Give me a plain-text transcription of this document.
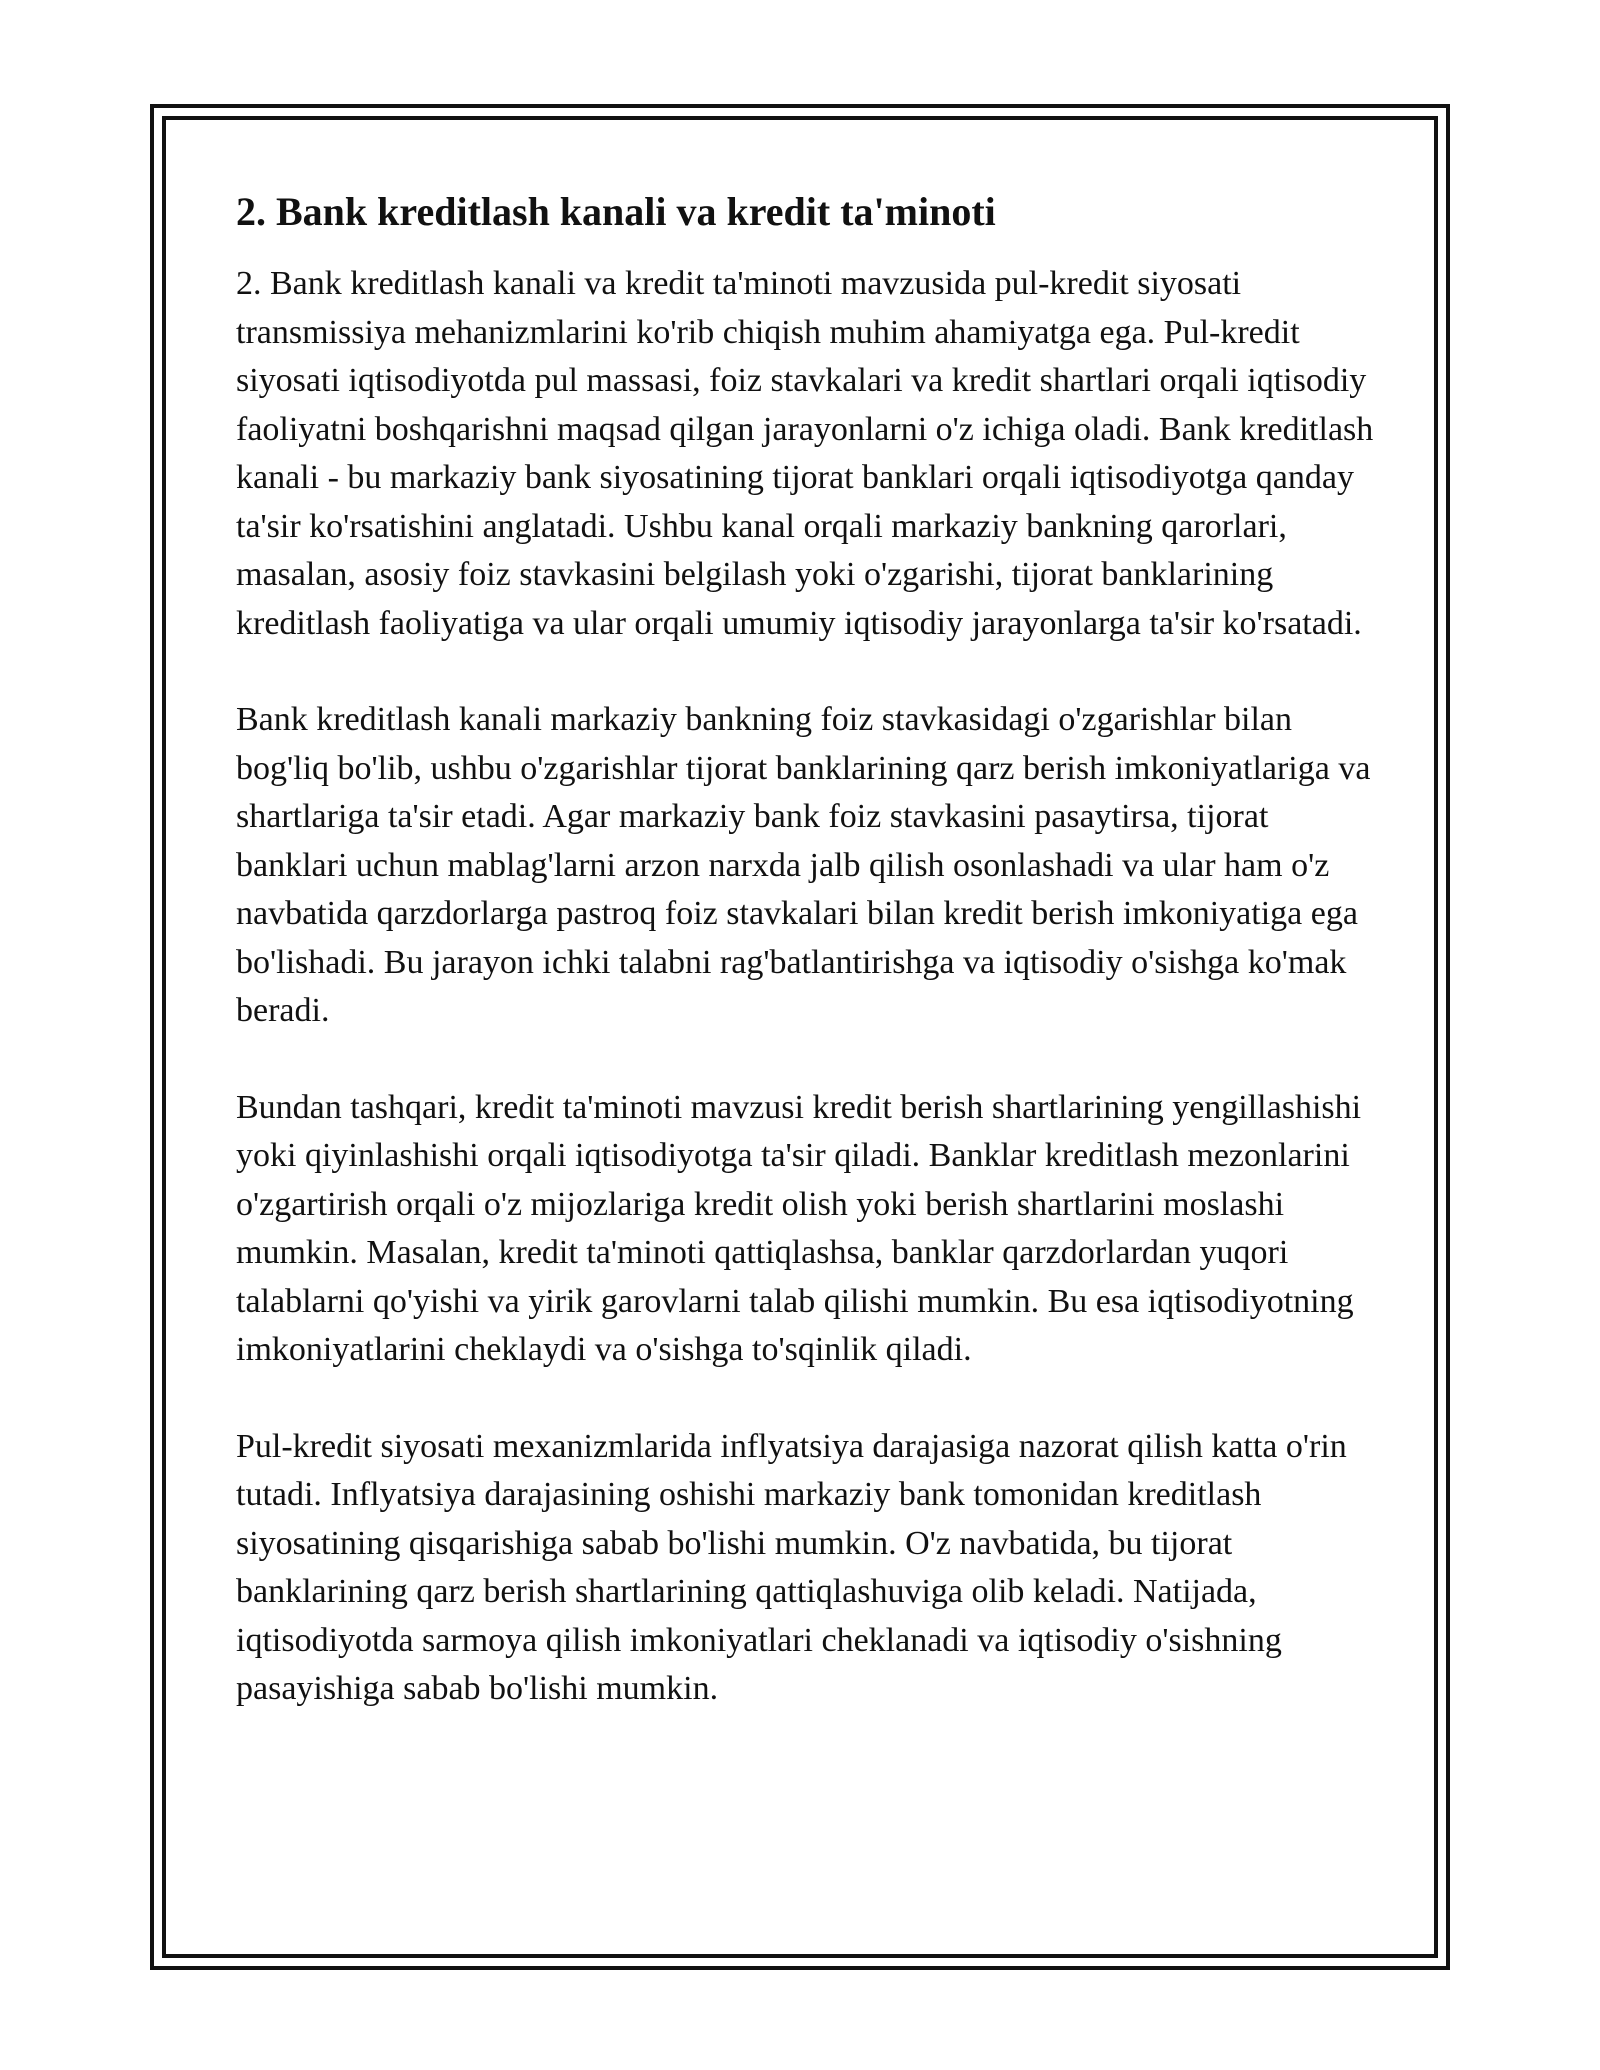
2. Bank kreditlash kanali va kredit ta'minoti

2. Bank kreditlash kanali va kredit ta'minoti mavzusida pul-kredit siyosati transmissiya mehanizmlarini ko'rib chiqish muhim ahamiyatga ega. Pul-kredit siyosati iqtisodiyotda pul massasi, foiz stavkalari va kredit shartlari orqali iqtisodiy faoliyatni boshqarishni maqsad qilgan jarayonlarni o'z ichiga oladi. Bank kreditlash kanali - bu markaziy bank siyosatining tijorat banklari orqali iqtisodiyotga qanday ta'sir ko'rsatishini anglatadi. Ushbu kanal orqali markaziy bankning qarorlari, masalan, asosiy foiz stavkasini belgilash yoki o'zgarishi, tijorat banklarining kreditlash faoliyatiga va ular orqali umumiy iqtisodiy jarayonlarga ta'sir ko'rsatadi.

Bank kreditlash kanali markaziy bankning foiz stavkasidagi o'zgarishlar bilan bog'liq bo'lib, ushbu o'zgarishlar tijorat banklarining qarz berish imkoniyatlariga va shartlariga ta'sir etadi. Agar markaziy bank foiz stavkasini pasaytirsa, tijorat banklari uchun mablag'larni arzon narxda jalb qilish osonlashadi va ular ham o'z navbatida qarzdorlarga pastroq foiz stavkalari bilan kredit berish imkoniyatiga ega bo'lishadi. Bu jarayon ichki talabni rag'batlantirishga va iqtisodiy o'sishga ko'mak beradi.

Bundan tashqari, kredit ta'minoti mavzusi kredit berish shartlarining yengillashishi yoki qiyinlashishi orqali iqtisodiyotga ta'sir qiladi. Banklar kreditlash mezonlarini o'zgartirish orqali o'z mijozlariga kredit olish yoki berish shartlarini moslashi mumkin. Masalan, kredit ta'minoti qattiqlashsa, banklar qarzdorlardan yuqori talablarni qo'yishi va yirik garovlarni talab qilishi mumkin. Bu esa iqtisodiyotning imkoniyatlarini cheklaydi va o'sishga to'sqinlik qiladi.

Pul-kredit siyosati mexanizmlarida inflyatsiya darajasiga nazorat qilish katta o'rin tutadi. Inflyatsiya darajasining oshishi markaziy bank tomonidan kreditlash siyosatining qisqarishiga sabab bo'lishi mumkin. O'z navbatida, bu tijorat banklarining qarz berish shartlarining qattiqlashuviga olib keladi. Natijada, iqtisodiyotda sarmoya qilish imkoniyatlari cheklanadi va iqtisodiy o'sishning pasayishiga sabab bo'lishi mumkin.
